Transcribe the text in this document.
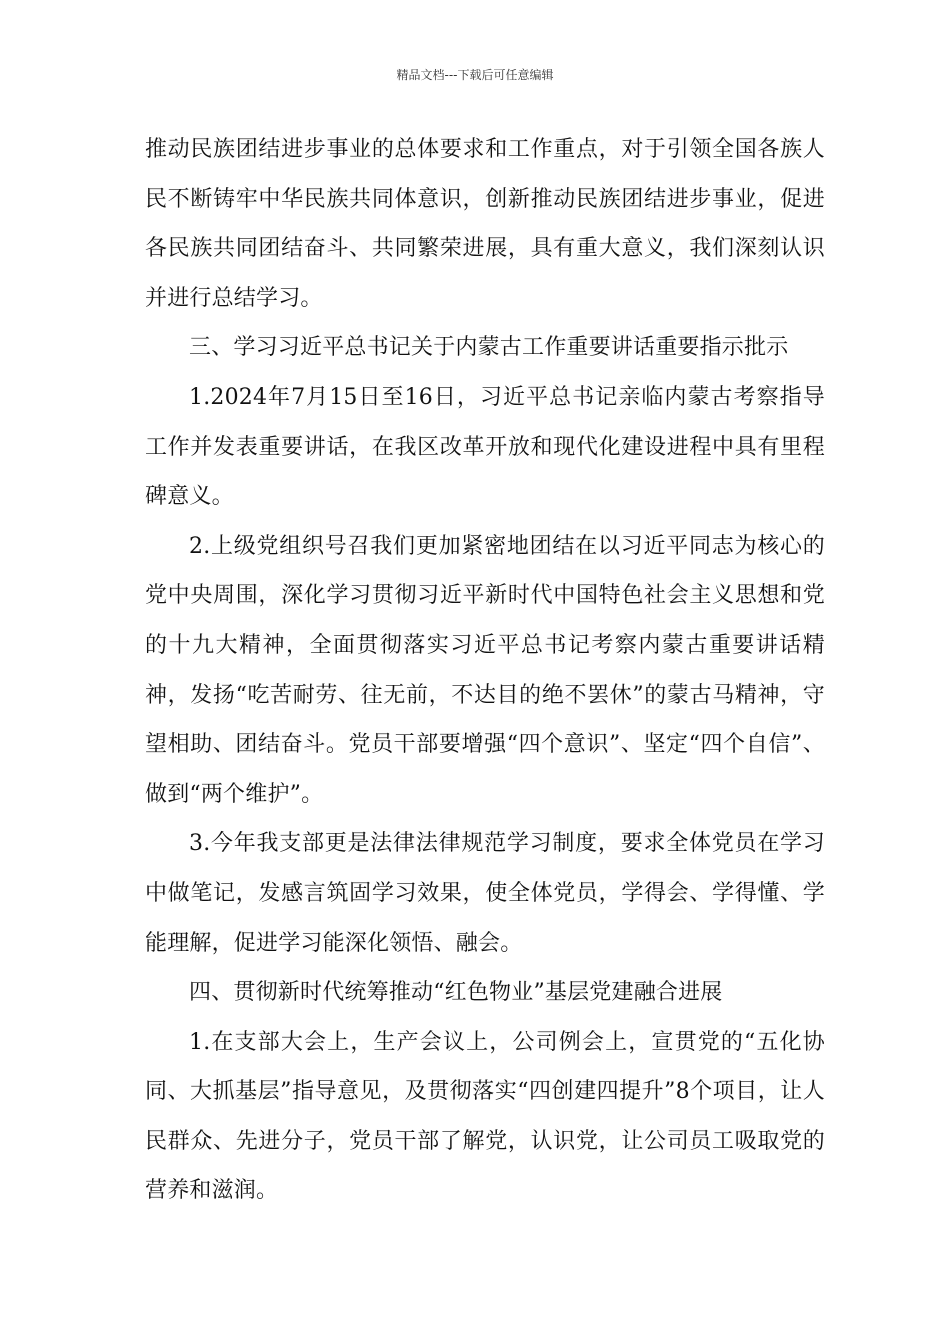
精品文档---下载后可任意编辑

推动民族团结进步事业的总体要求和工作重点，对于引领全国各族人民不断铸牢中华民族共同体意识，创新推动民族团结进步事业，促进各民族共同团结奋斗、共同繁荣进展，具有重大意义，我们深刻认识并进行总结学习。

三、学习习近平总书记关于内蒙古工作重要讲话重要指示批示

1.2024年7月15日至16日，习近平总书记亲临内蒙古考察指导工作并发表重要讲话，在我区改革开放和现代化建设进程中具有里程碑意义。

2.上级党组织号召我们更加紧密地团结在以习近平同志为核心的党中央周围，深化学习贯彻习近平新时代中国特色社会主义思想和党的十九大精神，全面贯彻落实习近平总书记考察内蒙古重要讲话精神，发扬“吃苦耐劳、往无前，不达目的绝不罢休”的蒙古马精神，守望相助、团结奋斗。党员干部要增强“四个意识”、坚定“四个自信”、做到“两个维护”。

3.今年我支部更是法律法律规范学习制度，要求全体党员在学习中做笔记，发感言筑固学习效果，使全体党员，学得会、学得懂、学能理解，促进学习能深化领悟、融会。

四、贯彻新时代统筹推动“红色物业”基层党建融合进展

1.在支部大会上，生产会议上，公司例会上，宣贯党的“五化协同、大抓基层”指导意见，及贯彻落实“四创建四提升”8个项目，让人民群众、先进分子，党员干部了解党，认识党，让公司员工吸取党的营养和滋润。
